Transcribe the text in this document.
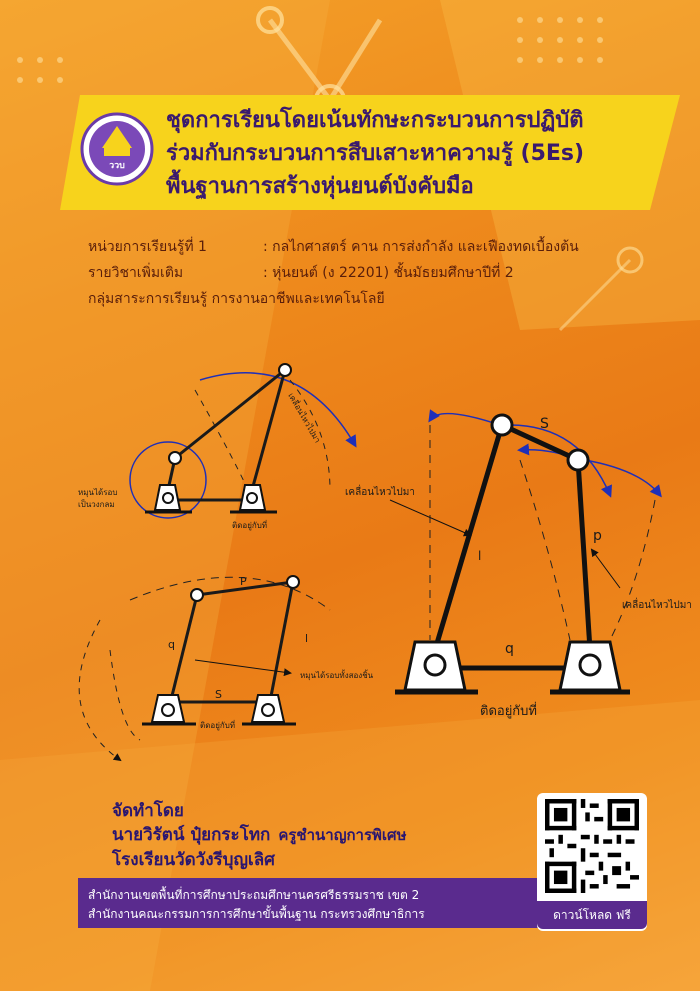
ววบ
ชุดการเรียนโดยเน้นทักษะกระบวนการปฏิบัติ
ร่วมกับกระบวนการสืบเสาะหาความรู้ (5Es)
พื้นฐานการสร้างหุ่นยนต์บังคับมือ
หน่วยการเรียนรู้ที่ 1	: กลไกศาสตร์ คาน การส่งกำลัง และเฟืองทดเบื้องต้น
รายวิชาเพิ่มเติม	: หุ่นยนต์ (ง 22201) ชั้นมัธยมศึกษาปีที่ 2
กลุ่มสาระการเรียนรู้ การงานอาชีพและเทคโนโลยี
เคลื่อนไหวไปมา
หมุนได้รอบ
เป็นวงกลม
ติดอยู่กับที่
P
q	l
S
หมุนได้รอบทั้งสองชิ้น
ติดอยู่กับที่
S
เคลื่อนไหวไปมา
l
p
เคลื่อนไหวไปมา
q
ติดอยู่กับที่
จัดทำโดย
นายวิรัตน์ ปุ๋ยกระโทก ครูชำนาญการพิเศษ
โรงเรียนวัดวังรีบุญเลิศ
สำนักงานเขตพื้นที่การศึกษาประถมศึกษานครศรีธรรมราช เขต 2
สำนักงานคณะกรรมการการศึกษาขั้นพื้นฐาน กระทรวงศึกษาธิการ	ดาวน์โหลด ฟรี
